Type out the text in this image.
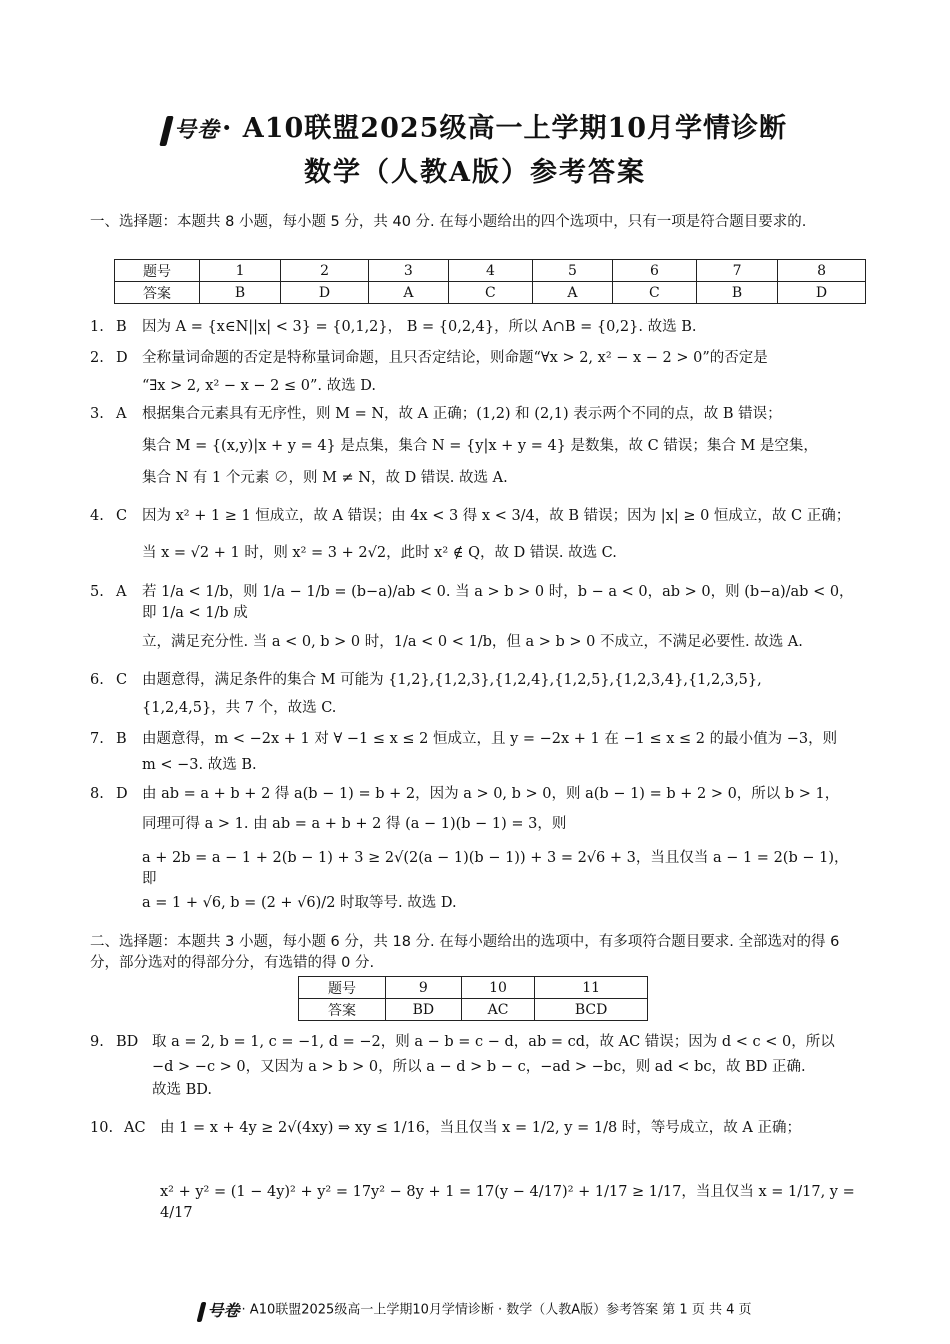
号卷· A10联盟2025级高一上学期10月学情诊断
数学（人教A版）参考答案
一、选择题：本题共 8 小题，每小题 5 分，共 40 分. 在每小题给出的四个选项中，只有一项是符合题目要求的.
题号	1	2	3	4	5	6	7	8
答案	B	D	A	C	A	C	B	D
1. B 因为 A = {x∈N||x| < 3} = {0,1,2}， B = {0,2,4}，所以 A∩B = {0,2}. 故选 B.
2. D 全称量词命题的否定是特称量词命题，且只否定结论，则命题“∀x > 2, x² − x − 2 > 0”的否定是
“∃x > 2, x² − x − 2 ≤ 0”. 故选 D.
3. A 根据集合元素具有无序性，则 M = N，故 A 正确；(1,2) 和 (2,1) 表示两个不同的点，故 B 错误；
集合 M = {(x,y)|x + y = 4} 是点集，集合 N = {y|x + y = 4} 是数集，故 C 错误；集合 M 是空集，
集合 N 有 1 个元素 ∅，则 M ≠ N，故 D 错误. 故选 A.
4. C 因为 x² + 1 ≥ 1 恒成立，故 A 错误；由 4x < 3 得 x < 3/4，故 B 错误；因为 |x| ≥ 0 恒成立，故 C 正确；
当 x = √2 + 1 时，则 x² = 3 + 2√2，此时 x² ∉ Q，故 D 错误. 故选 C.
5. A 若 1/a < 1/b，则 1/a − 1/b = (b−a)/ab < 0. 当 a > b > 0 时，b − a < 0，ab > 0，则 (b−a)/ab < 0，即 1/a < 1/b 成
立，满足充分性. 当 a < 0, b > 0 时，1/a < 0 < 1/b，但 a > b > 0 不成立，不满足必要性. 故选 A.
6. C 由题意得，满足条件的集合 M 可能为 {1,2},{1,2,3},{1,2,4},{1,2,5},{1,2,3,4},{1,2,3,5},
{1,2,4,5}，共 7 个，故选 C.
7. B 由题意得，m < −2x + 1 对 ∀ −1 ≤ x ≤ 2 恒成立，且 y = −2x + 1 在 −1 ≤ x ≤ 2 的最小值为 −3，则
m < −3. 故选 B.
8. D 由 ab = a + b + 2 得 a(b − 1) = b + 2，因为 a > 0, b > 0，则 a(b − 1) = b + 2 > 0，所以 b > 1，
同理可得 a > 1. 由 ab = a + b + 2 得 (a − 1)(b − 1) = 3，则
a + 2b = a − 1 + 2(b − 1) + 3 ≥ 2√(2(a − 1)(b − 1)) + 3 = 2√6 + 3，当且仅当 a − 1 = 2(b − 1)，即
a = 1 + √6, b = (2 + √6)/2 时取等号. 故选 D.
二、选择题：本题共 3 小题，每小题 6 分，共 18 分. 在每小题给出的选项中，有多项符合题目要求. 全部选对的得 6 分，部分选对的得部分分，有选错的得 0 分.
题号	9	10	11
答案	BD	AC	BCD
9. BD 取 a = 2, b = 1, c = −1, d = −2，则 a − b = c − d，ab = cd，故 AC 错误；因为 d < c < 0，所以
−d > −c > 0，又因为 a > b > 0，所以 a − d > b − c，−ad > −bc，则 ad < bc，故 BD 正确.
故选 BD.
10. AC 由 1 = x + 4y ≥ 2√(4xy) ⇒ xy ≤ 1/16，当且仅当 x = 1/2, y = 1/8 时，等号成立，故 A 正确；
x² + y² = (1 − 4y)² + y² = 17y² − 8y + 1 = 17(y − 4/17)² + 1/17 ≥ 1/17，当且仅当 x = 1/17, y = 4/17
号卷 · A10联盟2025级高一上学期10月学情诊断 · 数学（人教A版）参考答案 第 1 页 共 4 页
